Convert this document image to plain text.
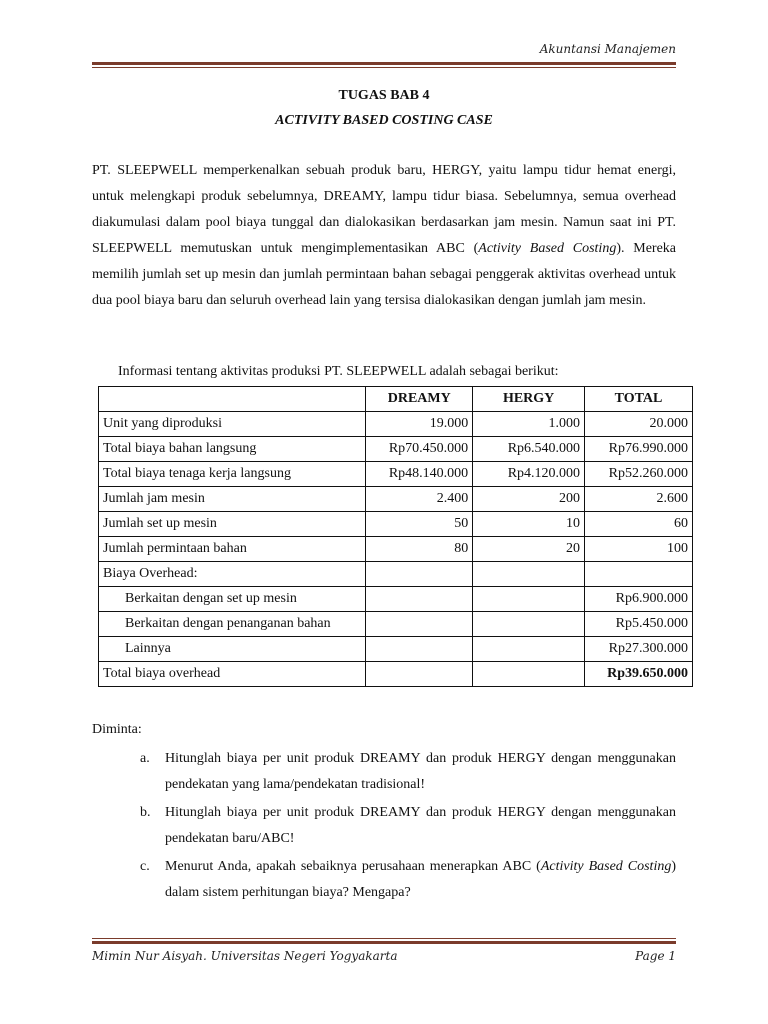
Akuntansi Manajemen
TUGAS BAB 4
ACTIVITY BASED COSTING CASE

PT. SLEEPWELL memperkenalkan sebuah produk baru, HERGY, yaitu lampu tidur hemat energi, untuk melengkapi produk sebelumnya, DREAMY, lampu tidur biasa. Sebelumnya, semua overhead diakumulasi dalam pool biaya tunggal dan dialokasikan berdasarkan jam mesin. Namun saat ini PT. SLEEPWELL memutuskan untuk mengimplementasikan ABC (Activity Based Costing). Mereka memilih jumlah set up mesin dan jumlah permintaan bahan sebagai penggerak aktivitas overhead untuk dua pool biaya baru dan seluruh overhead lain yang tersisa dialokasikan dengan jumlah jam mesin.

Informasi tentang aktivitas produksi PT. SLEEPWELL adalah sebagai berikut:
	DREAMY	HERGY	TOTAL
Unit yang diproduksi	19.000	1.000	20.000
Total biaya bahan langsung	Rp70.450.000	Rp6.540.000	Rp76.990.000
Total biaya tenaga kerja langsung	Rp48.140.000	Rp4.120.000	Rp52.260.000
Jumlah jam mesin	2.400	200	2.600
Jumlah set up mesin	50	10	60
Jumlah permintaan bahan	80	20	100
Biaya Overhead:			
Berkaitan dengan set up mesin			Rp6.900.000
Berkaitan dengan penanganan bahan			Rp5.450.000
Lainnya			Rp27.300.000
Total biaya overhead			Rp39.650.000
Diminta:
a.	Hitunglah biaya per unit produk DREAMY dan produk HERGY dengan menggunakan pendekatan yang lama/pendekatan tradisional!
b.	Hitunglah biaya per unit produk DREAMY dan produk HERGY dengan menggunakan pendekatan baru/ABC!
c.	Menurut Anda, apakah sebaiknya perusahaan menerapkan ABC (Activity Based Costing) dalam sistem perhitungan biaya? Mengapa?
Mimin Nur Aisyah. Universitas Negeri Yogyakarta	Page 1
